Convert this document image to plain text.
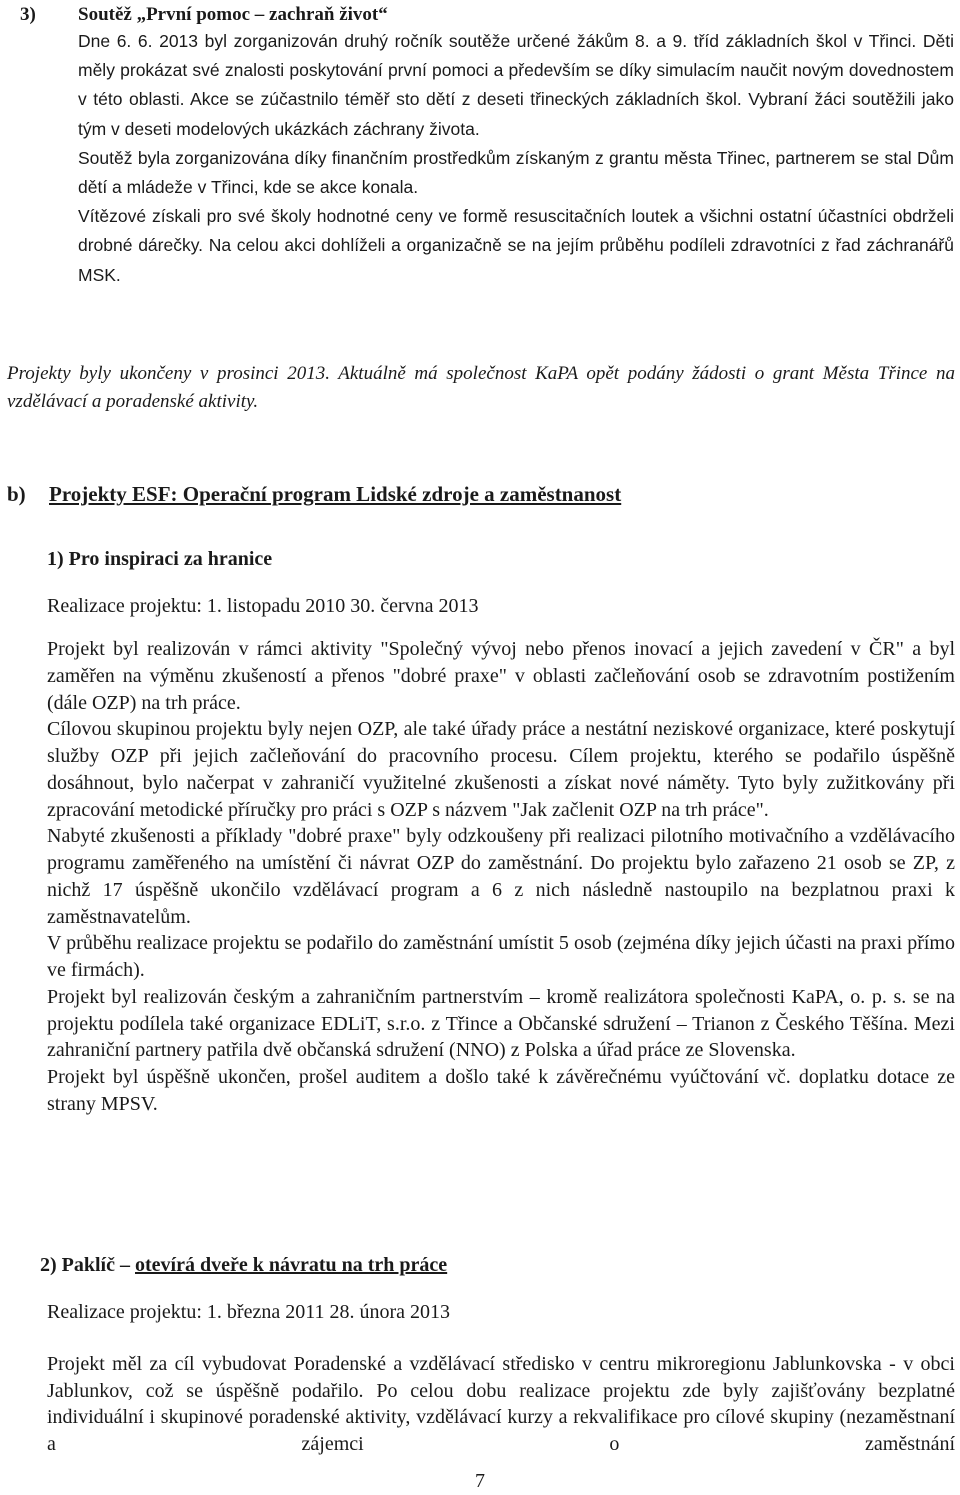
3) Soutěž „První pomoc – zachraň život“

Dne 6. 6. 2013 byl zorganizován druhý ročník soutěže určené žákům 8. a 9. tříd základních škol v Třinci. Děti měly prokázat své znalosti poskytování první pomoci a především se díky simulacím naučit novým dovednostem v této oblasti. Akce se zúčastnilo téměř sto dětí z deseti třineckých základních škol. Vybraní žáci soutěžili jako tým v deseti modelových ukázkách záchrany života.

Soutěž byla zorganizována díky finančním prostředkům získaným z grantu města Třinec, partnerem se stal Dům dětí a mládeže v Třinci, kde se akce konala.

Vítězové získali pro své školy hodnotné ceny ve formě resuscitačních loutek a všichni ostatní účastníci obdrželi drobné dárečky. Na celou akci dohlíželi a organizačně se na jejím průběhu podíleli zdravotníci z řad záchranářů MSK.

Projekty byly ukončeny v prosinci 2013. Aktuálně má společnost KaPA opět podány žádosti o grant Města Třince na vzdělávací a poradenské aktivity.
b) Projekty ESF: Operační program Lidské zdroje a zaměstnanost
1) Pro inspiraci za hranice
Realizace projektu: 1. listopadu 2010 30. června 2013

Projekt byl realizován v rámci aktivity "Společný vývoj nebo přenos inovací a jejich zavedení v ČR" a byl zaměřen na výměnu zkušeností a přenos "dobré praxe" v oblasti začleňování osob se zdravotním postižením (dále OZP) na trh práce.

Cílovou skupinou projektu byly nejen OZP, ale také úřady práce a nestátní neziskové organizace, které poskytují služby OZP při jejich začleňování do pracovního procesu. Cílem projektu, kterého se podařilo úspěšně dosáhnout, bylo načerpat v zahraničí využitelné zkušenosti a získat nové náměty. Tyto byly zužitkovány při zpracování metodické příručky pro práci s OZP s názvem "Jak začlenit OZP na trh práce".

Nabyté zkušenosti a příklady "dobré praxe" byly odzkoušeny při realizaci pilotního motivačního a vzdělávacího programu zaměřeného na umístění či návrat OZP do zaměstnání. Do projektu bylo zařazeno 21 osob se ZP, z nichž 17 úspěšně ukončilo vzdělávací program a 6 z nich následně nastoupilo na bezplatnou praxi k zaměstnavatelům.

V průběhu realizace projektu se podařilo do zaměstnání umístit 5 osob (zejména díky jejich účasti na praxi přímo ve firmách).

Projekt byl realizován českým a zahraničním partnerstvím – kromě realizátora společnosti KaPA, o. p. s. se na projektu podílela také organizace EDLiT, s.r.o. z Třince a Občanské sdružení – Trianon z Českého Těšína. Mezi zahraniční partnery patřila dvě občanská sdružení (NNO) z Polska a úřad práce ze Slovenska.

Projekt byl úspěšně ukončen, prošel auditem a došlo také k závěrečnému vyúčtování vč. doplatku dotace ze strany MPSV.

2) Paklíč – otevírá dveře k návratu na trh práce
Realizace projektu: 1. března 2011 28. února 2013
Projekt měl za cíl vybudovat Poradenské a vzdělávací středisko v centru mikroregionu Jablunkovska - v obci Jablunkov, což se úspěšně podařilo. Po celou dobu realizace projektu zde byly zajišťovány bezplatné individuální i skupinové poradenské aktivity, vzdělávací kurzy a rekvalifikace pro cílové skupiny (nezaměstnaní a zájemci o zaměstnání
7
